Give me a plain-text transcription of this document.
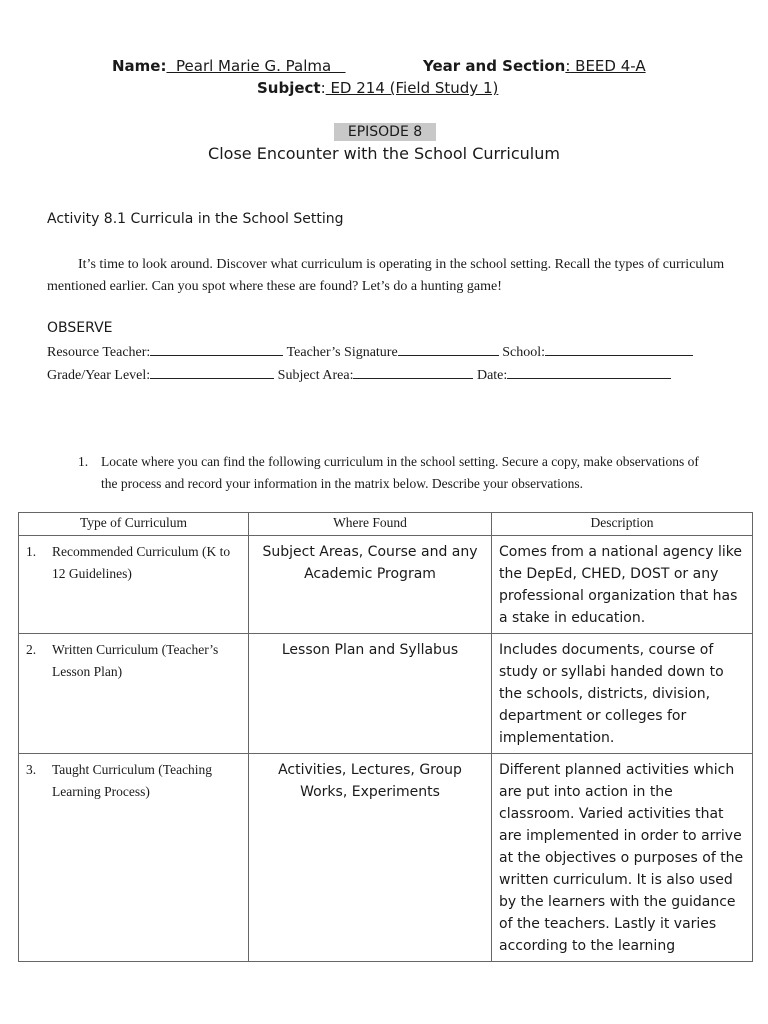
Name:  Pearl Marie G. Palma	Year and Section: BEED 4-A
Subject: ED 214 (Field Study 1)
EPISODE 8
Close Encounter with the School Curriculum
Activity 8.1 Curricula in the School Setting
It’s time to look around. Discover what curriculum is operating in the school setting. Recall the types of curriculum mentioned earlier. Can you spot where these are found? Let’s do a hunting game!
OBSERVE
Resource Teacher:	Teacher’s Signature	School:
Grade/Year Level:	Subject Area:	Date:
1. Locate where you can find the following curriculum in the school setting. Secure a copy, make observations of the process and record your information in the matrix below. Describe your observations.
Type of Curriculum	Where Found	Description
1. Recommended Curriculum (K to 12 Guidelines)	Subject Areas, Course and any Academic Program	Comes from a national agency like the DepEd, CHED, DOST or any professional organization that has a stake in education.
2. Written Curriculum (Teacher’s Lesson Plan)	Lesson Plan and Syllabus	Includes documents, course of study or syllabi handed down to the schools, districts, division, department or colleges for implementation.
3. Taught Curriculum (Teaching Learning Process)	Activities, Lectures, Group Works, Experiments	Different planned activities which are put into action in the classroom. Varied activities that are implemented in order to arrive at the objectives o purposes of the written curriculum. It is also used by the learners with the guidance of the teachers. Lastly it varies according to the learning
